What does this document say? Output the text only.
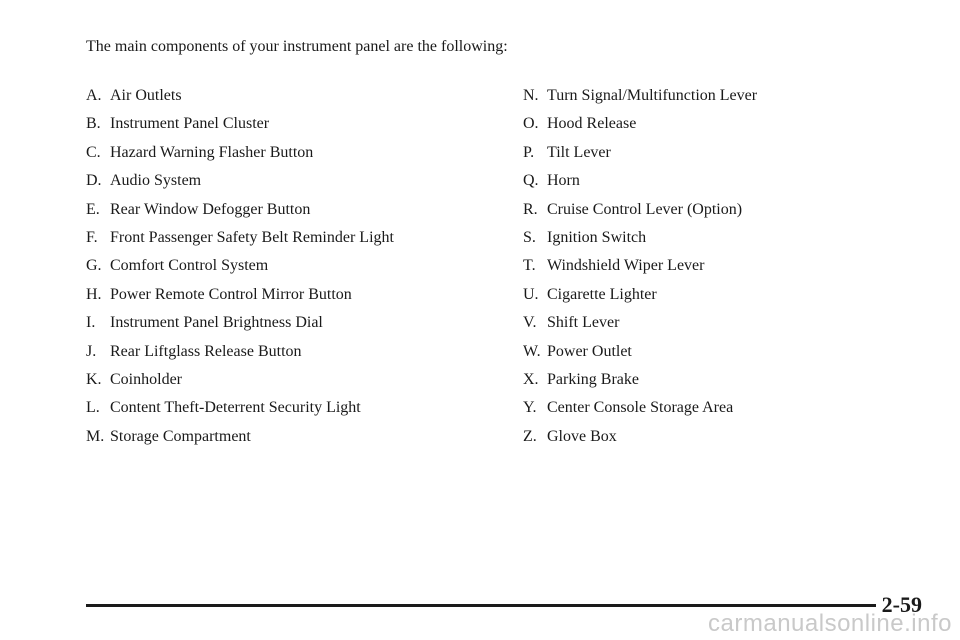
The main components of your instrument panel are the following:
A. Air Outlets
B. Instrument Panel Cluster
C. Hazard Warning Flasher Button
D. Audio System
E. Rear Window Defogger Button
F. Front Passenger Safety Belt Reminder Light
G. Comfort Control System
H. Power Remote Control Mirror Button
I. Instrument Panel Brightness Dial
J. Rear Liftglass Release Button
K. Coinholder
L. Content Theft-Deterrent Security Light
M. Storage Compartment
N. Turn Signal/Multifunction Lever
O. Hood Release
P. Tilt Lever
Q. Horn
R. Cruise Control Lever (Option)
S. Ignition Switch
T. Windshield Wiper Lever
U. Cigarette Lighter
V. Shift Lever
W. Power Outlet
X. Parking Brake
Y. Center Console Storage Area
Z. Glove Box
2-59
carmanualsonline.info
